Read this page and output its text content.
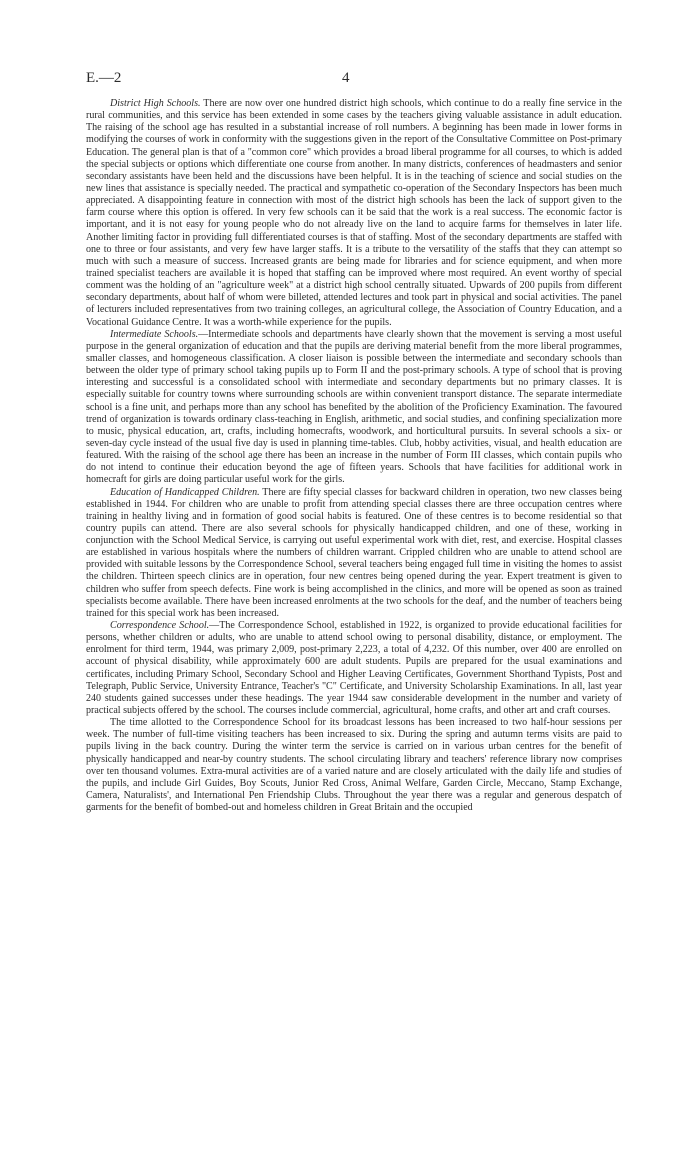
E.—2	4

District High Schools. There are now over one hundred district high schools, which continue to do a really fine service in the rural communities, and this service has been extended in some cases by the teachers giving valuable assistance in adult education. The raising of the school age has resulted in a substantial increase of roll numbers. A beginning has been made in lower forms in modifying the courses of work in conformity with the suggestions given in the report of the Consultative Committee on Post-primary Education. The general plan is that of a "common core" which provides a broad liberal programme for all courses, to which is added the special subjects or options which differentiate one course from another. In many districts, conferences of headmasters and senior secondary assistants have been held and the discussions have been helpful. It is in the teaching of science and social studies on the new lines that assistance is specially needed. The practical and sympathetic co-operation of the Secondary Inspectors has been much appreciated. A disappointing feature in connection with most of the district high schools has been the lack of support given to the farm course where this option is offered. In very few schools can it be said that the work is a real success. The economic factor is important, and it is not easy for young people who do not already live on the land to acquire farms for themselves in later life. Another limiting factor in providing full differentiated courses is that of staffing. Most of the secondary departments are staffed with one to three or four assistants, and very few have larger staffs. It is a tribute to the versatility of the staffs that they can attempt so much with such a measure of success. Increased grants are being made for libraries and for science equipment, and when more trained specialist teachers are available it is hoped that staffing can be improved where most required. An event worthy of special comment was the holding of an "agriculture week" at a district high school centrally situated. Upwards of 200 pupils from different secondary departments, about half of whom were billeted, attended lectures and took part in physical and social activities. The panel of lecturers included representatives from two training colleges, an agricultural college, the Association of Country Education, and a Vocational Guidance Centre. It was a worth-while experience for the pupils.

Intermediate Schools.—Intermediate schools and departments have clearly shown that the movement is serving a most useful purpose in the general organization of education and that the pupils are deriving material benefit from the more liberal programmes, smaller classes, and homogeneous classification. A closer liaison is possible between the intermediate and secondary schools than between the older type of primary school taking pupils up to Form II and the post-primary schools. A type of school that is proving interesting and successful is a consolidated school with intermediate and secondary departments but no primary classes. It is especially suitable for country towns where surrounding schools are within convenient transport distance. The separate intermediate school is a fine unit, and perhaps more than any school has benefited by the abolition of the Proficiency Examination. The favoured trend of organization is towards ordinary class-teaching in English, arithmetic, and social studies, and confining specialization more to music, physical education, art, crafts, including homecrafts, woodwork, and horticultural pursuits. In several schools a six- or seven-day cycle instead of the usual five day is used in planning time-tables. Club, hobby activities, visual, and health education are featured. With the raising of the school age there has been an increase in the number of Form III classes, which contain pupils who do not intend to continue their education beyond the age of fifteen years. Schools that have facilities for additional work in homecraft for girls are doing particular useful work for the girls.

Education of Handicapped Children. There are fifty special classes for backward children in operation, two new classes being established in 1944. For children who are unable to profit from attending special classes there are three occupation centres where training in healthy living and in formation of good social habits is featured. One of these centres is to become residential so that country pupils can attend. There are also several schools for physically handicapped children, and one of these, working in conjunction with the School Medical Service, is carrying out useful experimental work with diet, rest, and exercise. Hospital classes are established in various hospitals where the numbers of children warrant. Crippled children who are unable to attend school are provided with suitable lessons by the Correspondence School, several teachers being engaged full time in visiting the homes to assist the children. Thirteen speech clinics are in operation, four new centres being opened during the year. Expert treatment is given to children who suffer from speech defects. Fine work is being accomplished in the clinics, and more will be opened as soon as trained specialists become available. There have been increased enrolments at the two schools for the deaf, and the number of teachers being trained for this special work has been increased.

Correspondence School.—The Correspondence School, established in 1922, is organized to provide educational facilities for persons, whether children or adults, who are unable to attend school owing to personal disability, distance, or employment. The enrolment for third term, 1944, was primary 2,009, post-primary 2,223, a total of 4,232. Of this number, over 400 are enrolled on account of physical disability, while approximately 600 are adult students. Pupils are prepared for the usual examinations and certificates, including Primary School, Secondary School and Higher Leaving Certificates, Government Shorthand Typists, Post and Telegraph, Public Service, University Entrance, Teacher's "C" Certificate, and University Scholarship Examinations. In all, last year 240 students gained successes under these headings. The year 1944 saw considerable development in the number and variety of practical subjects offered by the school. The courses include commercial, agricultural, home crafts, and other art and craft courses.

The time allotted to the Correspondence School for its broadcast lessons has been increased to two half-hour sessions per week. The number of full-time visiting teachers has been increased to six. During the spring and autumn terms visits are paid to pupils living in the back country. During the winter term the service is carried on in various urban centres for the benefit of physically handicapped and near-by country students. The school circulating library and teachers' reference library now comprises over ten thousand volumes. Extra-mural activities are of a varied nature and are closely articulated with the daily life and studies of the pupils, and include Girl Guides, Boy Scouts, Junior Red Cross, Animal Welfare, Garden Circle, Meccano, Stamp Exchange, Camera, Naturalists', and International Pen Friendship Clubs. Throughout the year there was a regular and generous despatch of garments for the benefit of bombed-out and homeless children in Great Britain and the occupied
